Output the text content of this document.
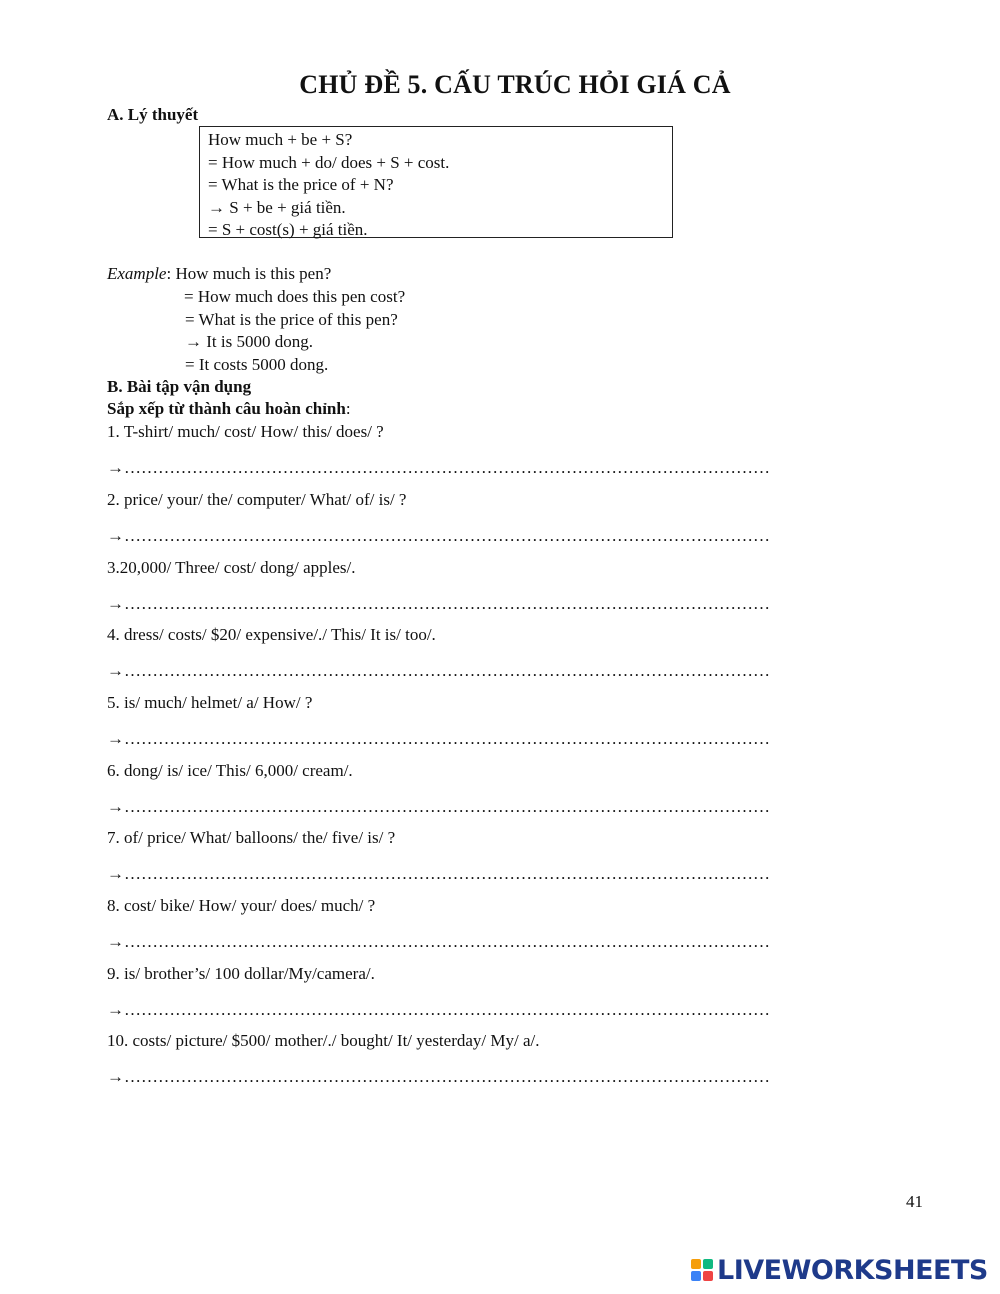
CHỦ ĐỀ 5. CẤU TRÚC HỎI GIÁ CẢ
A. Lý thuyết
How much + be + S?
= How much + do/ does + S + cost.
= What is the price of + N?
→ S + be + giá tiền.
= S + cost(s) + giá tiền.
Example: How much is this pen?
= How much does this pen cost?
= What is the price of this pen?
→ It is 5000 dong.
= It costs 5000 dong.
B. Bài tập vận dụng
Sắp xếp từ thành câu hoàn chỉnh:
1. T-shirt/ much/ cost/ How/ this/ does/ ?
→……………………………………………………………………………………………………
2. price/ your/ the/ computer/ What/ of/ is/ ?
→……………………………………………………………………………………………………
3.20,000/ Three/ cost/ dong/ apples/.
→……………………………………………………………………………………………………
4. dress/ costs/ $20/ expensive/./ This/ It is/ too/.
→……………………………………………………………………………………………………
5. is/ much/ helmet/ a/ How/ ?
→……………………………………………………………………………………………………
6. dong/ is/ ice/ This/ 6,000/ cream/.
→……………………………………………………………………………………………………
7. of/ price/ What/ balloons/ the/ five/ is/ ?
→……………………………………………………………………………………………………
8. cost/ bike/ How/ your/ does/ much/ ?
→……………………………………………………………………………………………………
9. is/ brother’s/ 100 dollar/My/camera/.
→……………………………………………………………………………………………………
10. costs/ picture/ $500/ mother/./ bought/ It/ yesterday/ My/ a/.
→……………………………………………………………………………………………………
41
LIVEWORKSHEETS
